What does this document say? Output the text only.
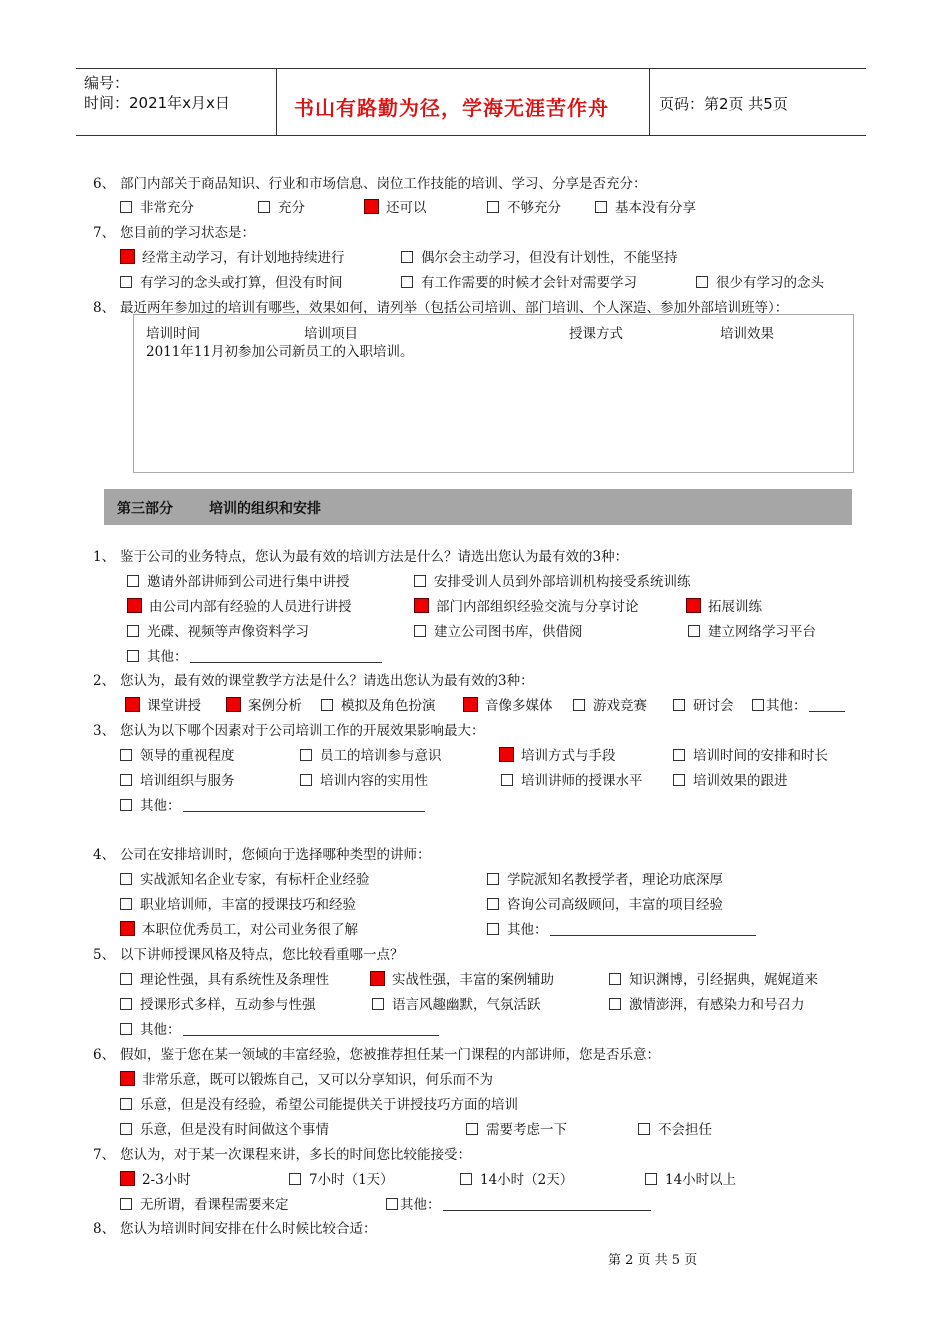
编号：
时间：2021年x月x日	书山有路勤为径，学海无涯苦作舟	页码：第2页 共5页
6、 部门内部关于商品知识、行业和市场信息、岗位工作技能的培训、学习、分享是否充分：
非常充分	充分	还可以	不够充分	基本没有分享
7、 您目前的学习状态是：
经常主动学习，有计划地持续进行	偶尔会主动学习，但没有计划性，不能坚持
有学习的念头或打算，但没有时间	有工作需要的时候才会针对需要学习	很少有学习的念头
8、 最近两年参加过的培训有哪些，效果如何，请列举（包括公司培训、部门培训、个人深造、参加外部培训班等）：
培训时间	培训项目	授课方式	培训效果
2011年11月初参加公司新员工的入职培训。
第三部分	培训的组织和安排
1、 鉴于公司的业务特点，您认为最有效的培训方法是什么？请选出您认为最有效的3种：
邀请外部讲师到公司进行集中讲授	安排受训人员到外部培训机构接受系统训练
由公司内部有经验的人员进行讲授	部门内部组织经验交流与分享讨论	拓展训练
光碟、视频等声像资料学习	建立公司图书库，供借阅	建立网络学习平台
其他：
2、 您认为，最有效的课堂教学方法是什么？请选出您认为最有效的3种：
课堂讲授	案例分析	模拟及角色扮演	音像多媒体	游戏竞赛	研讨会	其他：
3、 您认为以下哪个因素对于公司培训工作的开展效果影响最大：
领导的重视程度	员工的培训参与意识	培训方式与手段	培训时间的安排和时长
培训组织与服务	培训内容的实用性	培训讲师的授课水平	培训效果的跟进
其他：
4、 公司在安排培训时，您倾向于选择哪种类型的讲师：
实战派知名企业专家，有标杆企业经验	学院派知名教授学者，理论功底深厚
职业培训师，丰富的授课技巧和经验	咨询公司高级顾问，丰富的项目经验
本职位优秀员工，对公司业务很了解	其他：
5、 以下讲师授课风格及特点，您比较看重哪一点？
理论性强，具有系统性及条理性	实战性强，丰富的案例辅助	知识渊博，引经据典，娓娓道来
授课形式多样，互动参与性强	语言风趣幽默，气氛活跃	激情澎湃，有感染力和号召力
其他：
6、 假如，鉴于您在某一领域的丰富经验，您被推荐担任某一门课程的内部讲师，您是否乐意：
非常乐意，既可以锻炼自己，又可以分享知识，何乐而不为
乐意，但是没有经验，希望公司能提供关于讲授技巧方面的培训
乐意，但是没有时间做这个事情	需要考虑一下	不会担任
7、 您认为，对于某一次课程来讲，多长的时间您比较能接受：
2-3小时	7小时（1天）	14小时（2天）	14小时以上
无所谓，看课程需要来定	其他：
8、 您认为培训时间安排在什么时候比较合适：
第 2 页 共 5 页
